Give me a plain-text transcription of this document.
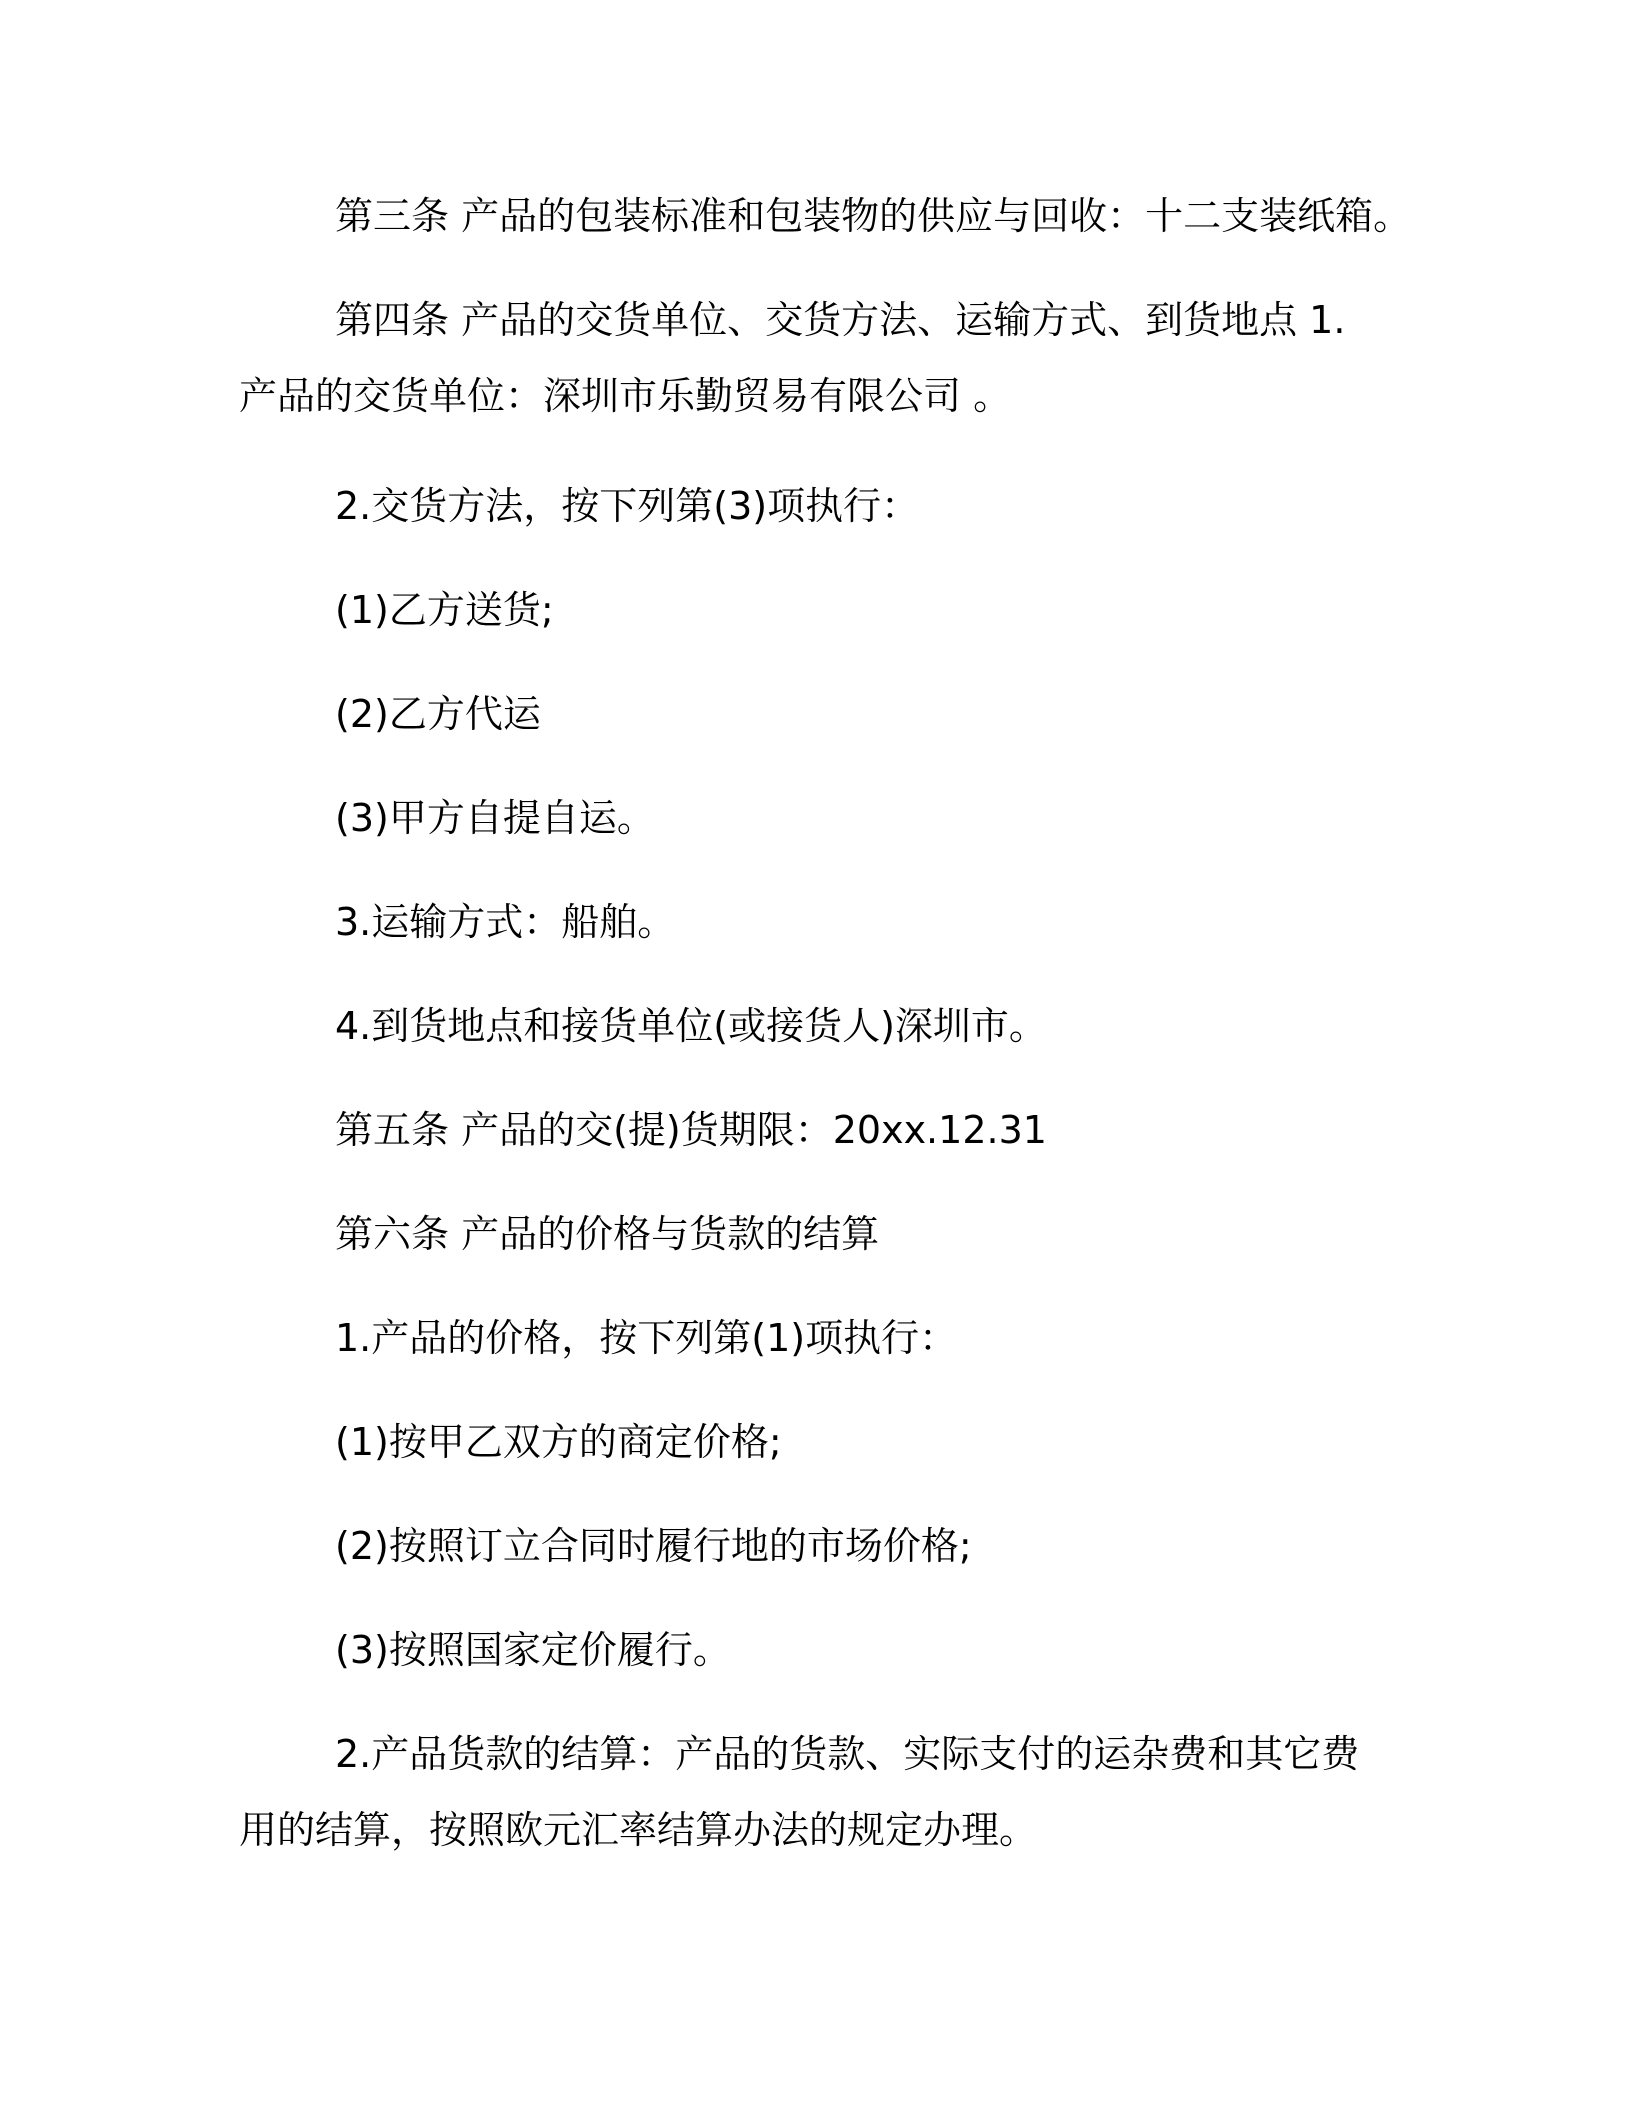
第三条 产品的包装标准和包装物的供应与回收：十二支装纸箱。

第四条 产品的交货单位、交货方法、运输方式、到货地点 1.产品的交货单位：深圳市乐勤贸易有限公司 。

2.交货方法，按下列第(3)项执行：

(1)乙方送货;

(2)乙方代运

(3)甲方自提自运。

3.运输方式：船舶。

4.到货地点和接货单位(或接货人)深圳市。

第五条 产品的交(提)货期限：20xx.12.31

第六条 产品的价格与货款的结算

1.产品的价格，按下列第(1)项执行：

(1)按甲乙双方的商定价格;

(2)按照订立合同时履行地的市场价格;

(3)按照国家定价履行。

2.产品货款的结算：产品的货款、实际支付的运杂费和其它费用的结算，按照欧元汇率结算办法的规定办理。
